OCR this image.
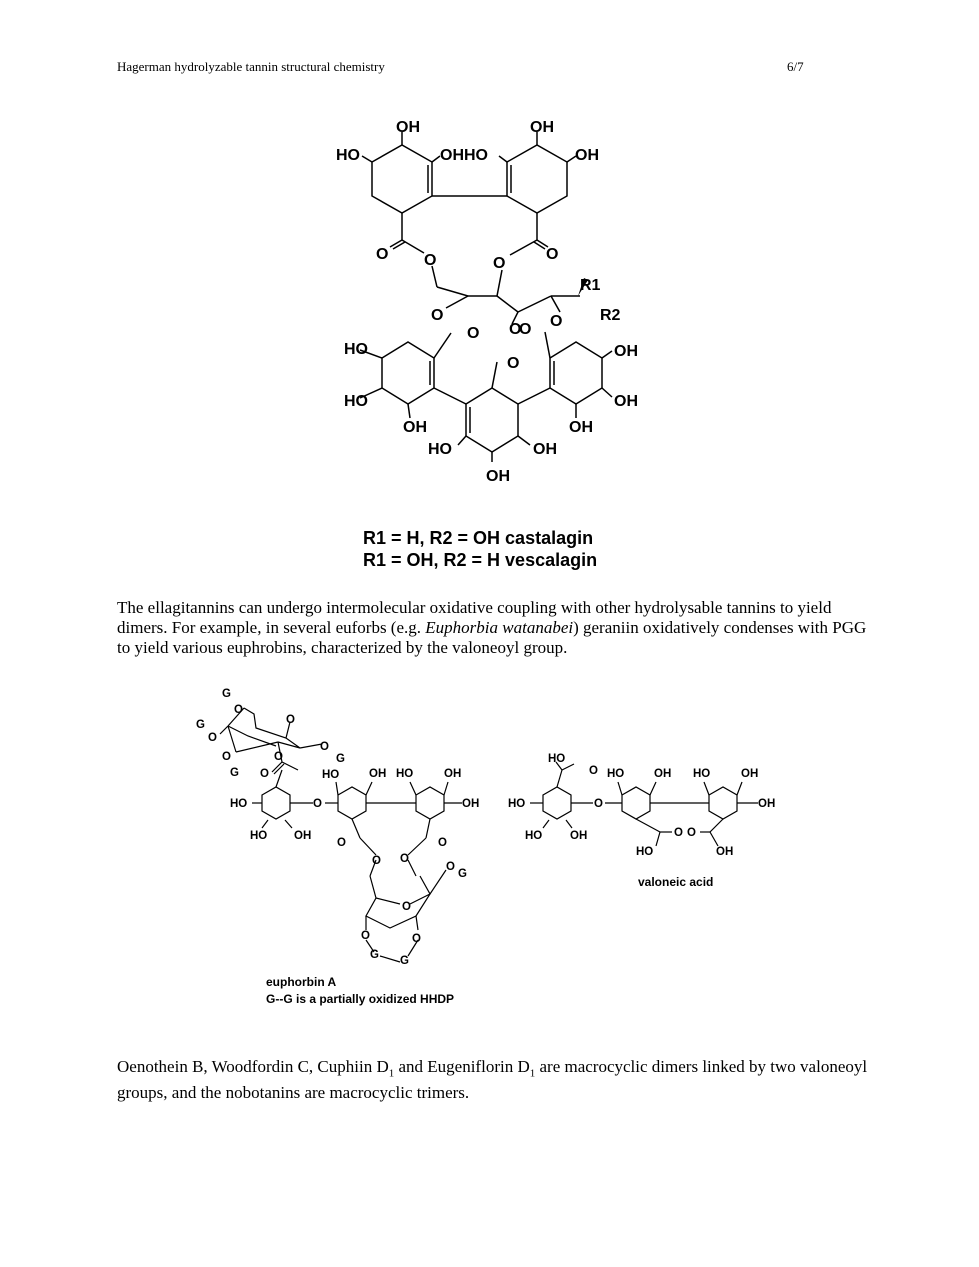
Hagerman hydrolyzable tannin structural chemistry	6/7
OH
HO	OHHO
OH
OH
O O	O
O
R1
R2
O
O O
O O
O
HO	OH
HO	OH
OH	OH
HO	OH
OH
R1 = H, R2 = OH castalagin
R1 = OH, R2 = H vescalagin
The ellagitannins can undergo intermolecular oxidative coupling with other hydrolysable tannins to yield dimers. For example, in several euforbs (e.g. Euphorbia watanabei) geraniin oxidatively condenses with PGG to yield various euphrobins, characterized by the valoneoyl group.
G
O
O
G
O
O
G
O	O
G O	HO	OH HO	OH
HO	O	OH
HO OH
O	O
O O
O
G
O
O	O
G G
HO
O HO	OH HO	OH
HO	O	OH
HO OH	O O
HO	OH
valoneic acid
euphorbin A
G--G is a partially oxidized HHDP
Oenothein B, Woodfordin C, Cuphiin $D_1$ and Eugeniflorin $D_1$ are macrocyclic dimers linked by two valoneoyl groups, and the nobotanins are macrocyclic trimers.
